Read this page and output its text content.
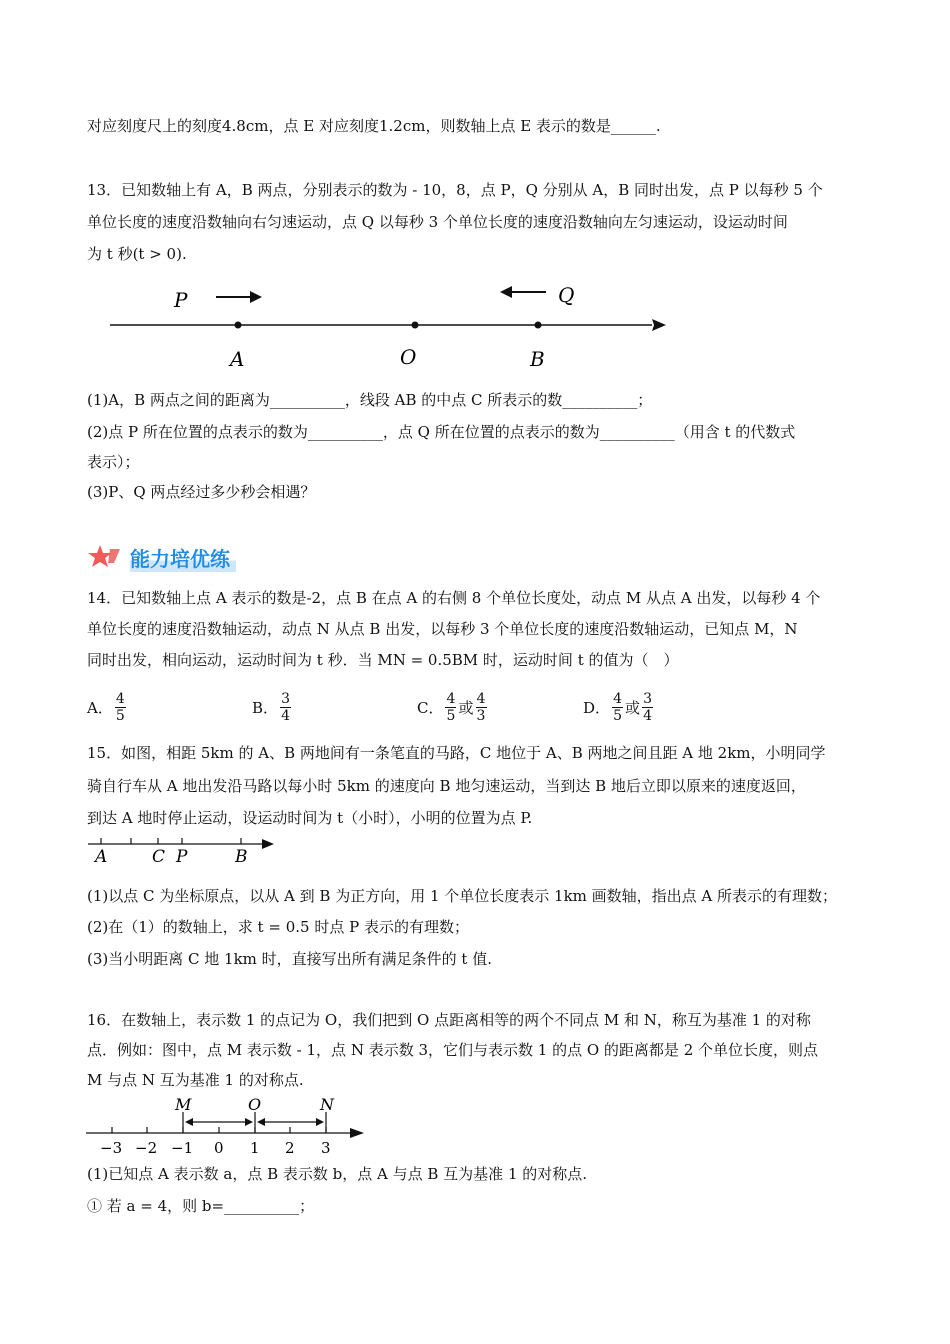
对应刻度尺上的刻度4.8cm，点 E 对应刻度1.2cm，则数轴上点 E 表示的数是______.
13．已知数轴上有 A，B 两点，分别表示的数为 - 10，8，点 P，Q 分别从 A，B 同时出发，点 P 以每秒 5 个
单位长度的速度沿数轴向右匀速运动，点 Q 以每秒 3 个单位长度的速度沿数轴向左匀速运动，设运动时间
为 t 秒(t > 0).
P	Q
A	O	B
(1)A，B 两点之间的距离为__________，线段 AB 的中点 C 所表示的数__________；
(2)点 P 所在位置的点表示的数为__________，点 Q 所在位置的点表示的数为__________（用含 t 的代数式
表示）；
(3)P、Q 两点经过多少秒会相遇？
能力培优练
14．已知数轴上点 A 表示的数是-2，点 B 在点 A 的右侧 8 个单位长度处，动点 M 从点 A 出发，以每秒 4 个
单位长度的速度沿数轴运动，动点 N 从点 B 出发，以每秒 3 个单位长度的速度沿数轴运动，已知点 M，N
同时出发，相向运动，运动时间为 t 秒．当 MN = 0.5BM 时，运动时间 t 的值为（　）
A． $\frac{4}{5}$	B． $\frac{3}{4}$	C． $\frac{4}{5}$ 或 $\frac{4}{3}$	D． $\frac{4}{5}$ 或 $\frac{3}{4}$
15．如图，相距 5km 的 A、B 两地间有一条笔直的马路，C 地位于 A、B 两地之间且距 A 地 2km，小明同学
骑自行车从 A 地出发沿马路以每小时 5km 的速度向 B 地匀速运动，当到达 B 地后立即以原来的速度返回，
到达 A 地时停止运动，设运动时间为 t（小时），小明的位置为点 P.
A	C P	B
(1)以点 C 为坐标原点，以从 A 到 B 为正方向，用 1 个单位长度表示 1km 画数轴，指出点 A 所表示的有理数；
(2)在（1）的数轴上，求 t = 0.5 时点 P 表示的有理数；
(3)当小明距离 C 地 1km 时，直接写出所有满足条件的 t 值.
16．在数轴上，表示数 1 的点记为 O，我们把到 O 点距离相等的两个不同点 M 和 N，称互为基准 1 的对称
点．例如：图中，点 M 表示数 - 1，点 N 表示数 3，它们与表示数 1 的点 O 的距离都是 2 个单位长度，则点
M 与点 N 互为基准 1 的对称点.
M	O	N
−3 −2 −1 0 1 2 3
(1)已知点 A 表示数 a，点 B 表示数 b，点 A 与点 B 互为基准 1 的对称点.
① 若 a = 4，则 b=__________；
